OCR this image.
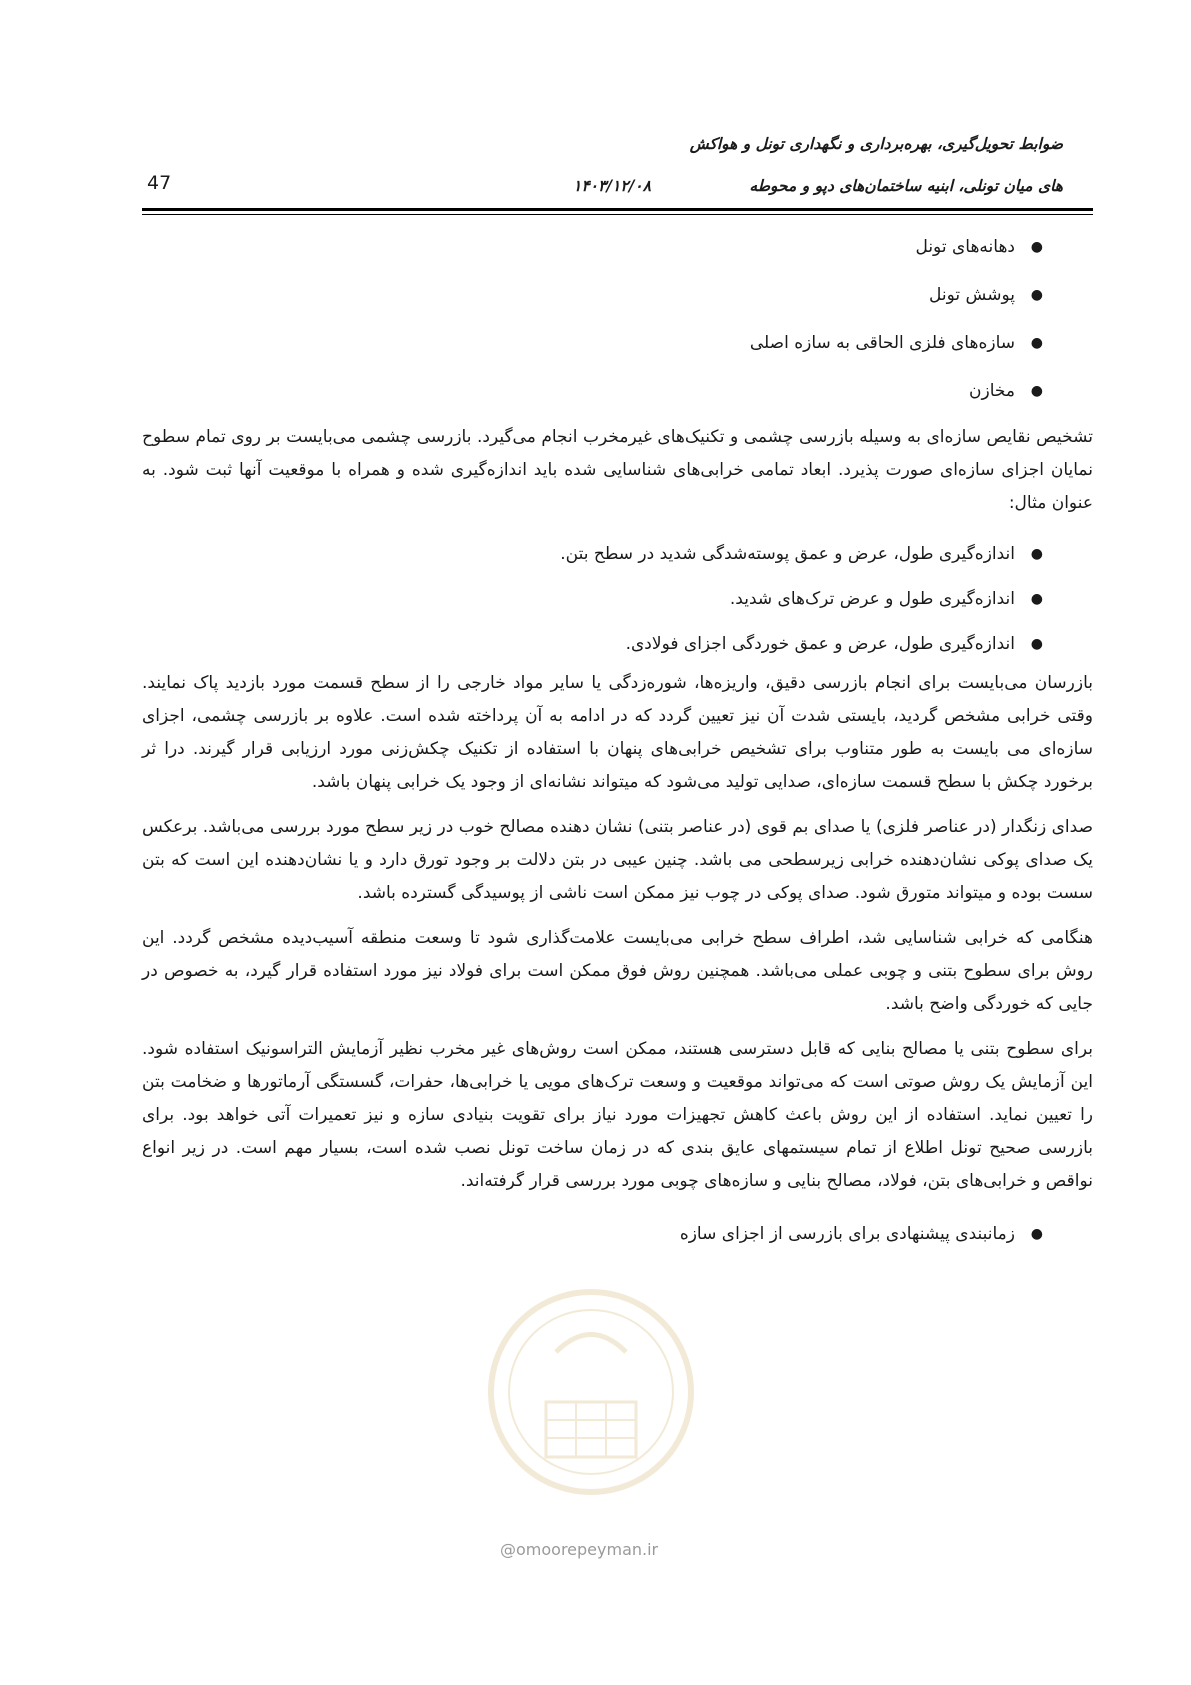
ضوابط تحویل‌گیری، بهره‌برداری و نگهداری تونل و هواکش
های میان تونلی، ابنیه ساختمان‌های دپو و محوطه
۱۴۰۳/۱۲/۰۸
47
●
دهانه‌های تونل
●
پوشش تونل
●
سازه‌های فلزی الحاقی به سازه اصلی
●
مخازن

تشخیص نقایص سازه‌ای به وسیله بازرسی چشمی و تکنیک‌های غیرمخرب انجام می‌گیرد. بازرسی چشمی می‌بایست بر روی تمام سطوح نمایان اجزای سازه‌ای صورت پذیرد. ابعاد تمامی خرابی‌های شناسایی شده باید اندازه‌گیری شده و همراه با موقعیت آنها ثبت شود. به عنوان مثال:

●
اندازه‌گیری طول، عرض و عمق پوسته‌شدگی شدید در سطح بتن.
●
اندازه‌گیری طول و عرض ترک‌های شدید.
●
اندازه‌گیری طول، عرض و عمق خوردگی اجزای فولادی.

بازرسان می‌بایست برای انجام بازرسی دقیق، واریزه‌ها، شوره‌زدگی یا سایر مواد خارجی را از سطح قسمت مورد بازدید پاک نمایند. وقتی خرابی مشخص گردید، بایستی شدت آن نیز تعیین گردد که در ادامه به آن پرداخته شده است. علاوه بر بازرسی چشمی، اجزای سازه‌ای می بایست به طور متناوب برای تشخیص خرابی‌های پنهان با استفاده از تکنیک چکش‌زنی مورد ارزیابی قرار گیرند. درا ثر برخورد چکش با سطح قسمت سازه‌ای، صدایی تولید می‌شود که میتواند نشانه‌ای از وجود یک خرابی پنهان باشد.

صدای زنگدار (در عناصر فلزی) یا صدای بم قوی (در عناصر بتنی) نشان دهنده مصالح خوب در زیر سطح مورد بررسی می‌باشد. برعکس یک صدای پوکی نشان‌دهنده خرابی زیرسطحی می باشد. چنین عیبی در بتن دلالت بر وجود تورق دارد و یا نشان‌دهنده این است که بتن سست بوده و میتواند متورق شود. صدای پوکی در چوب نیز ممکن است ناشی از پوسیدگی گسترده باشد.

هنگامی که خرابی شناسایی شد، اطراف سطح خرابی می‌بایست علامت‌گذاری شود تا وسعت منطقه آسیب‌دیده مشخص گردد. این روش برای سطوح بتنی و چوبی عملی می‌باشد. همچنین روش فوق ممکن است برای فولاد نیز مورد استفاده قرار گیرد، به خصوص در جایی که خوردگی واضح باشد.

برای سطوح بتنی یا مصالح بنایی که قابل دسترسی هستند، ممکن است روش‌های غیر مخرب نظیر آزمایش التراسونیک استفاده شود. این آزمایش یک روش صوتی است که می‌تواند موقعیت و وسعت ترک‌های مویی یا خرابی‌ها، حفرات، گسستگی آرماتورها و ضخامت بتن را تعیین نماید. استفاده از این روش باعث کاهش تجهیزات مورد نیاز برای تقویت بنیادی سازه و نیز تعمیرات آتی خواهد بود. برای بازرسی صحیح تونل اطلاع از تمام سیستمهای عایق بندی که در زمان ساخت تونل نصب شده است، بسیار مهم است. در زیر انواع نواقص و خرابی‌های بتن، فولاد، مصالح بنایی و سازه‌های چوبی مورد بررسی قرار گرفته‌اند.

●
زمانبندی پیشنهادی برای بازرسی از اجزای سازه
@omoorepeyman.ir
